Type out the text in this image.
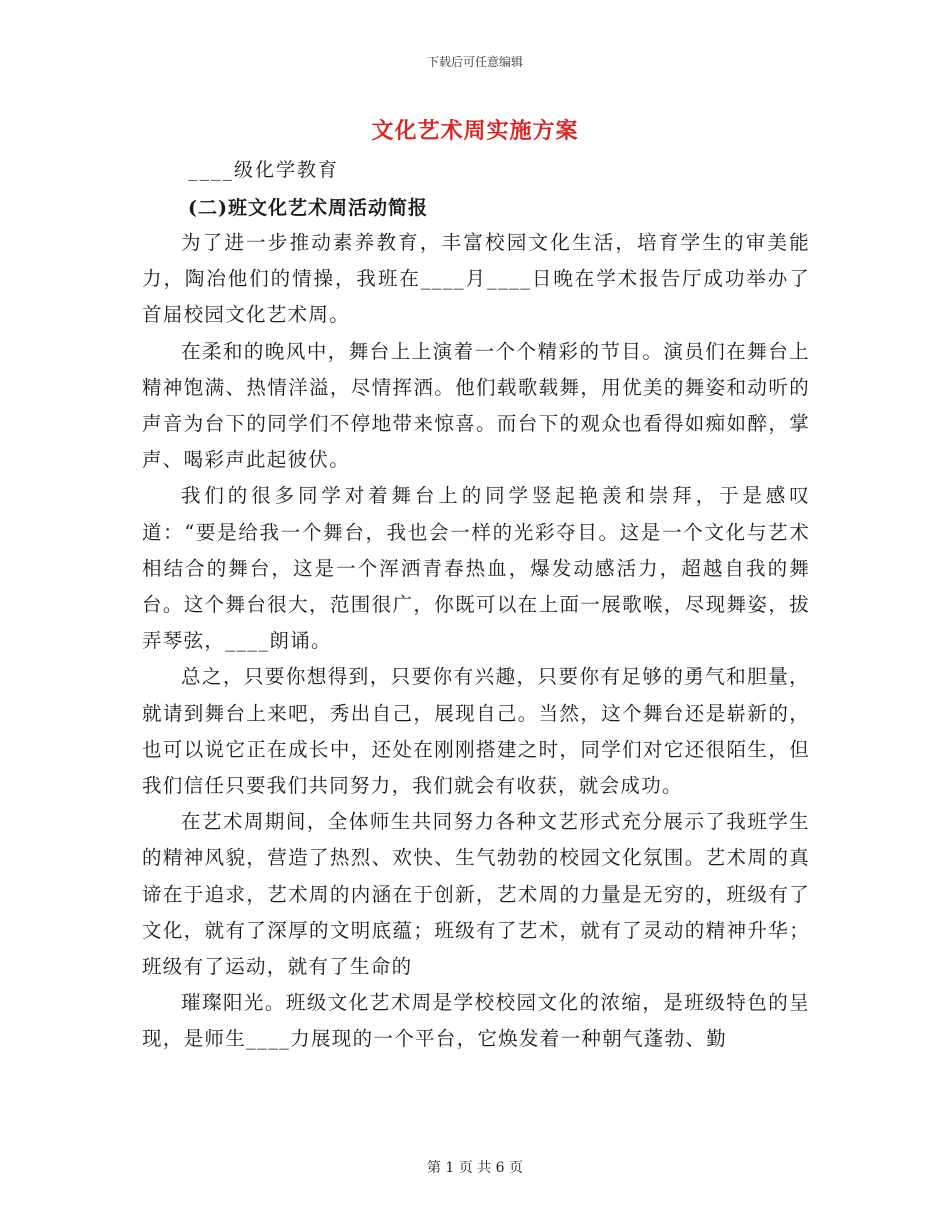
下载后可任意编辑
文化艺术周实施方案
____级化学教育
(二)班文化艺术周活动简报

为了进一步推动素养教育，丰富校园文化生活，培育学生的审美能力，陶冶他们的情操，我班在____月____日晚在学术报告厅成功举办了首届校园文化艺术周。

在柔和的晚风中，舞台上上演着一个个精彩的节目。演员们在舞台上精神饱满、热情洋溢，尽情挥洒。他们载歌载舞，用优美的舞姿和动听的声音为台下的同学们不停地带来惊喜。而台下的观众也看得如痴如醉，掌声、喝彩声此起彼伏。

我们的很多同学对着舞台上的同学竖起艳羡和崇拜，于是感叹道：“要是给我一个舞台，我也会一样的光彩夺目。这是一个文化与艺术相结合的舞台，这是一个浑洒青春热血，爆发动感活力，超越自我的舞台。这个舞台很大，范围很广，你既可以在上面一展歌喉，尽现舞姿，拔弄琴弦，____朗诵。

总之，只要你想得到，只要你有兴趣，只要你有足够的勇气和胆量，就请到舞台上来吧，秀出自己，展现自己。当然，这个舞台还是崭新的，也可以说它正在成长中，还处在刚刚搭建之时，同学们对它还很陌生，但我们信任只要我们共同努力，我们就会有收获，就会成功。

在艺术周期间，全体师生共同努力各种文艺形式充分展示了我班学生的精神风貌，营造了热烈、欢快、生气勃勃的校园文化氛围。艺术周的真谛在于追求，艺术周的内涵在于创新，艺术周的力量是无穷的，班级有了文化，就有了深厚的文明底蕴；班级有了艺术，就有了灵动的精神升华；班级有了运动，就有了生命的

璀璨阳光。班级文化艺术周是学校校园文化的浓缩，是班级特色的呈现，是师生____力展现的一个平台，它焕发着一种朝气蓬勃、勤

第 1 页 共 6 页
